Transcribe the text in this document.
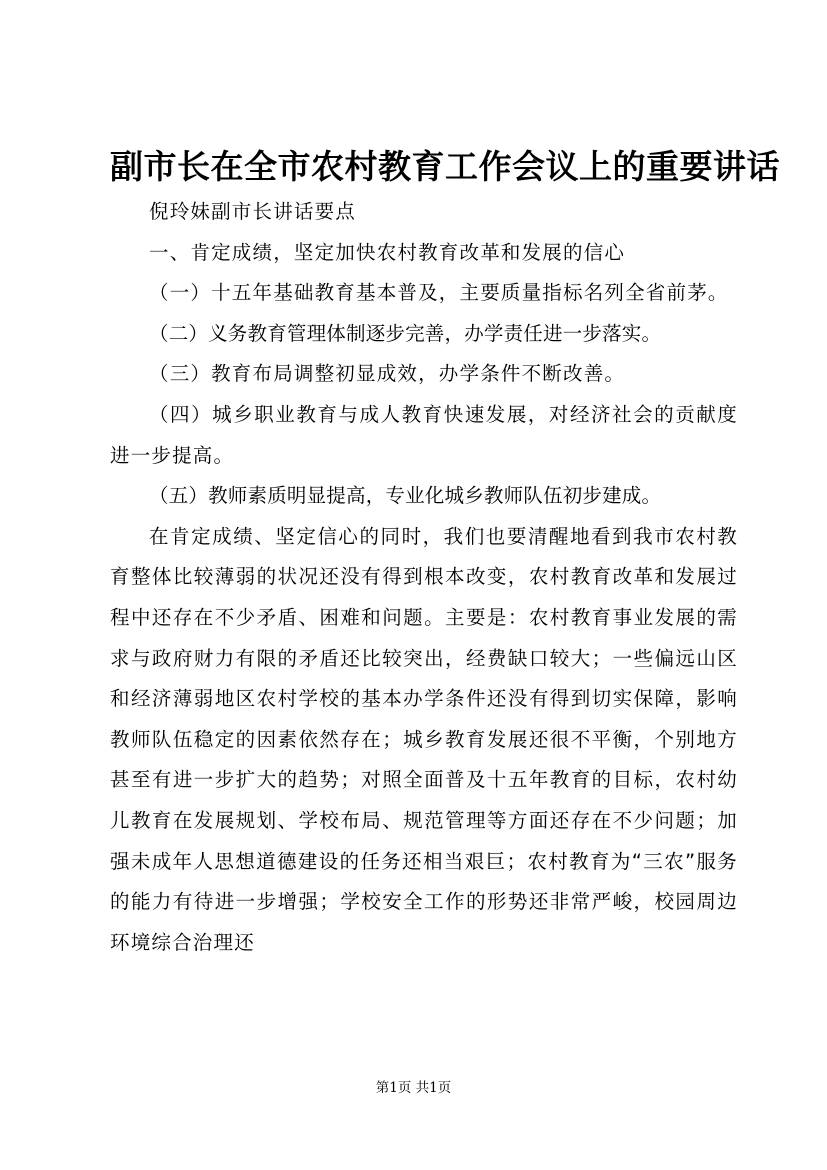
副市长在全市农村教育工作会议上的重要讲话

倪玲妹副市长讲话要点

一、肯定成绩，坚定加快农村教育改革和发展的信心

（一）十五年基础教育基本普及，主要质量指标名列全省前茅。

（二）义务教育管理体制逐步完善，办学责任进一步落实。

（三）教育布局调整初显成效，办学条件不断改善。

（四）城乡职业教育与成人教育快速发展，对经济社会的贡献度进一步提高。

（五）教师素质明显提高，专业化城乡教师队伍初步建成。

在肯定成绩、坚定信心的同时，我们也要清醒地看到我市农村教育整体比较薄弱的状况还没有得到根本改变，农村教育改革和发展过程中还存在不少矛盾、困难和问题。主要是：农村教育事业发展的需求与政府财力有限的矛盾还比较突出，经费缺口较大；一些偏远山区和经济薄弱地区农村学校的基本办学条件还没有得到切实保障，影响教师队伍稳定的因素依然存在；城乡教育发展还很不平衡，个别地方甚至有进一步扩大的趋势；对照全面普及十五年教育的目标，农村幼儿教育在发展规划、学校布局、规范管理等方面还存在不少问题；加强未成年人思想道德建设的任务还相当艰巨；农村教育为“三农”服务的能力有待进一步增强；学校安全工作的形势还非常严峻，校园周边环境综合治理还

第1页 共1页
